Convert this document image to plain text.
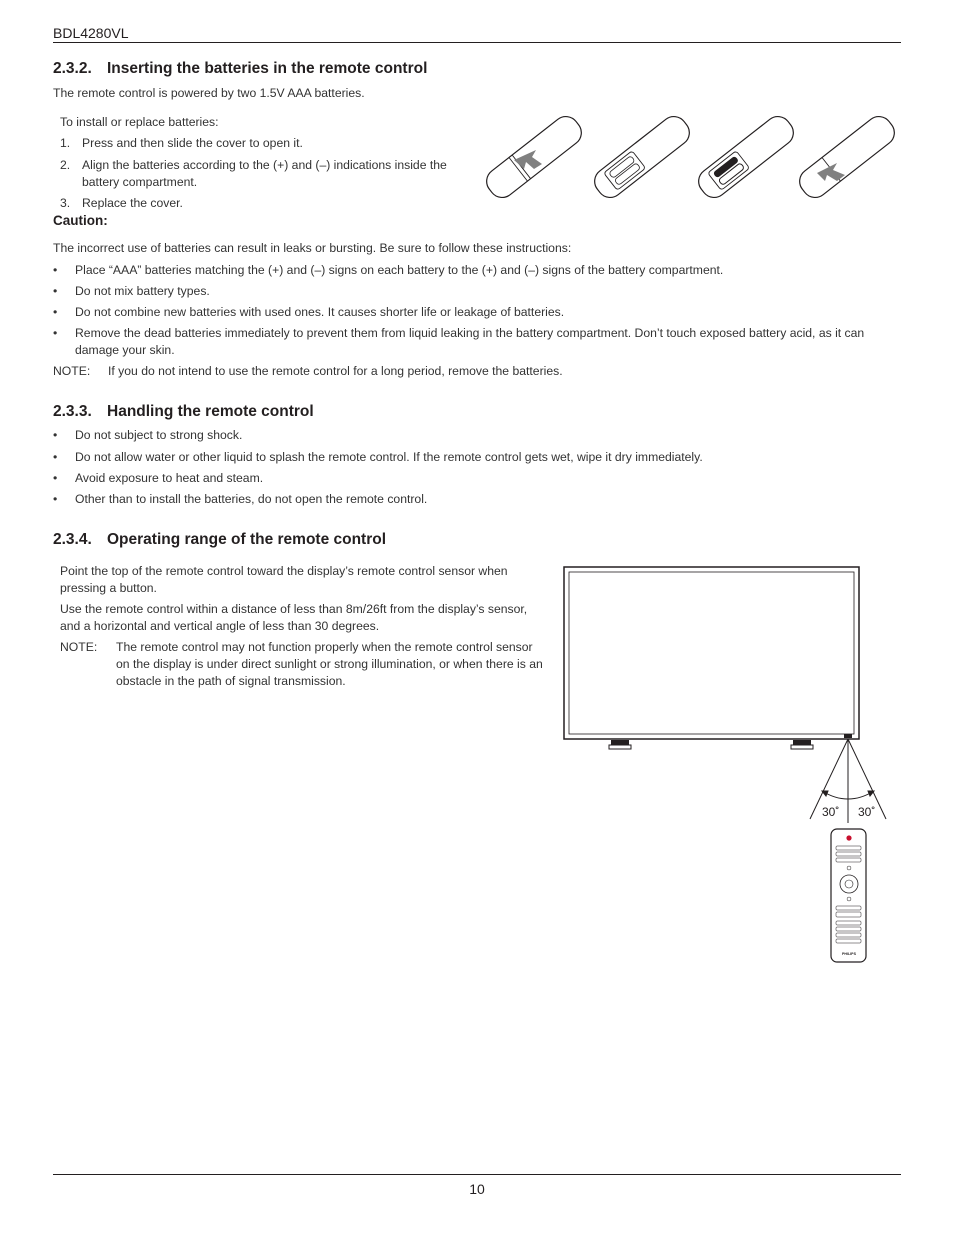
BDL4280VL
2.3.2. Inserting the batteries in the remote control
The remote control is powered by two 1.5V AAA batteries.
To install or replace batteries:
1. Press and then slide the cover to open it.
2. Align the batteries according to the (+) and (–) indications inside the battery compartment.
3. Replace the cover.
Caution:
The incorrect use of batteries can result in leaks or bursting. Be sure to follow these instructions:
• Place “AAA” batteries matching the (+) and (–) signs on each battery to the (+) and (–) signs of the battery compartment.
• Do not mix battery types.
• Do not combine new batteries with used ones. It causes shorter life or leakage of batteries.
• Remove the dead batteries immediately to prevent them from liquid leaking in the battery compartment. Don’t touch exposed battery acid, as it can damage your skin.
NOTE: If you do not intend to use the remote control for a long period, remove the batteries.
2.3.3. Handling the remote control
• Do not subject to strong shock.
• Do not allow water or other liquid to splash the remote control. If the remote control gets wet, wipe it dry immediately.
• Avoid exposure to heat and steam.
• Other than to install the batteries, do not open the remote control.
2.3.4. Operating range of the remote control
Point the top of the remote control toward the display’s remote control sensor when pressing a button.
Use the remote control within a distance of less than 8m/26ft from the display’s sensor, and a horizontal and vertical angle of less than 30 degrees.
NOTE: The remote control may not function properly when the remote control sensor on the display is under direct sunlight or strong illumination, or when there is an obstacle in the path of signal transmission.
30˚ 30˚
PHILIPS
10
